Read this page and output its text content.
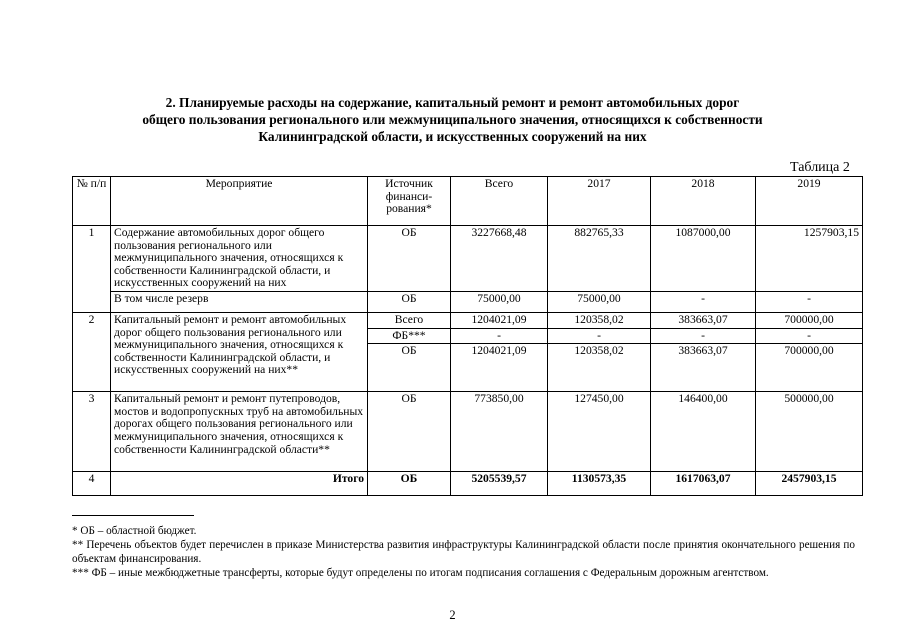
2. Планируемые расходы на содержание, капитальный ремонт и ремонт автомобильных дорог
общего пользования регионального или межмуниципального значения, относящихся к собственности
Калининградской области, и искусственных сооружений на них
Таблица 2
№ п/п	Мероприятие	Источник финанси-рования*	Всего	2017	2018	2019
1	Содержание автомобильных дорог общего пользования регионального или межмуниципального значения, относящихся к собственности Калининградской области, и искусственных сооружений на них	ОБ	3227668,48	882765,33	1087000,00	1257903,15
	В том числе резерв	ОБ	75000,00	75000,00	-	-
2	Капитальный ремонт и ремонт автомобильных дорог общего пользования регионального или межмуниципального значения, относящихся к собственности Калининградской области, и искусственных сооружений на них**	Всего	1204021,09	120358,02	383663,07	700000,00
		ФБ***	-	-	-	-
		ОБ	1204021,09	120358,02	383663,07	700000,00
3	Капитальный ремонт и ремонт путепроводов, мостов и водопропускных труб на автомобильных дорогах общего пользования регионального или межмуниципального значения, относящихся к собственности Калининградской области**	ОБ	773850,00	127450,00	146400,00	500000,00
4	Итого	ОБ	5205539,57	1130573,35	1617063,07	2457903,15

* ОБ – областной бюджет.

** Перечень объектов будет перечислен в приказе Министерства развития инфраструктуры Калининградской области после принятия окончательного решения по объектам финансирования.

*** ФБ – иные межбюджетные трансферты, которые будут определены по итогам подписания соглашения с Федеральным дорожным агентством.

2
